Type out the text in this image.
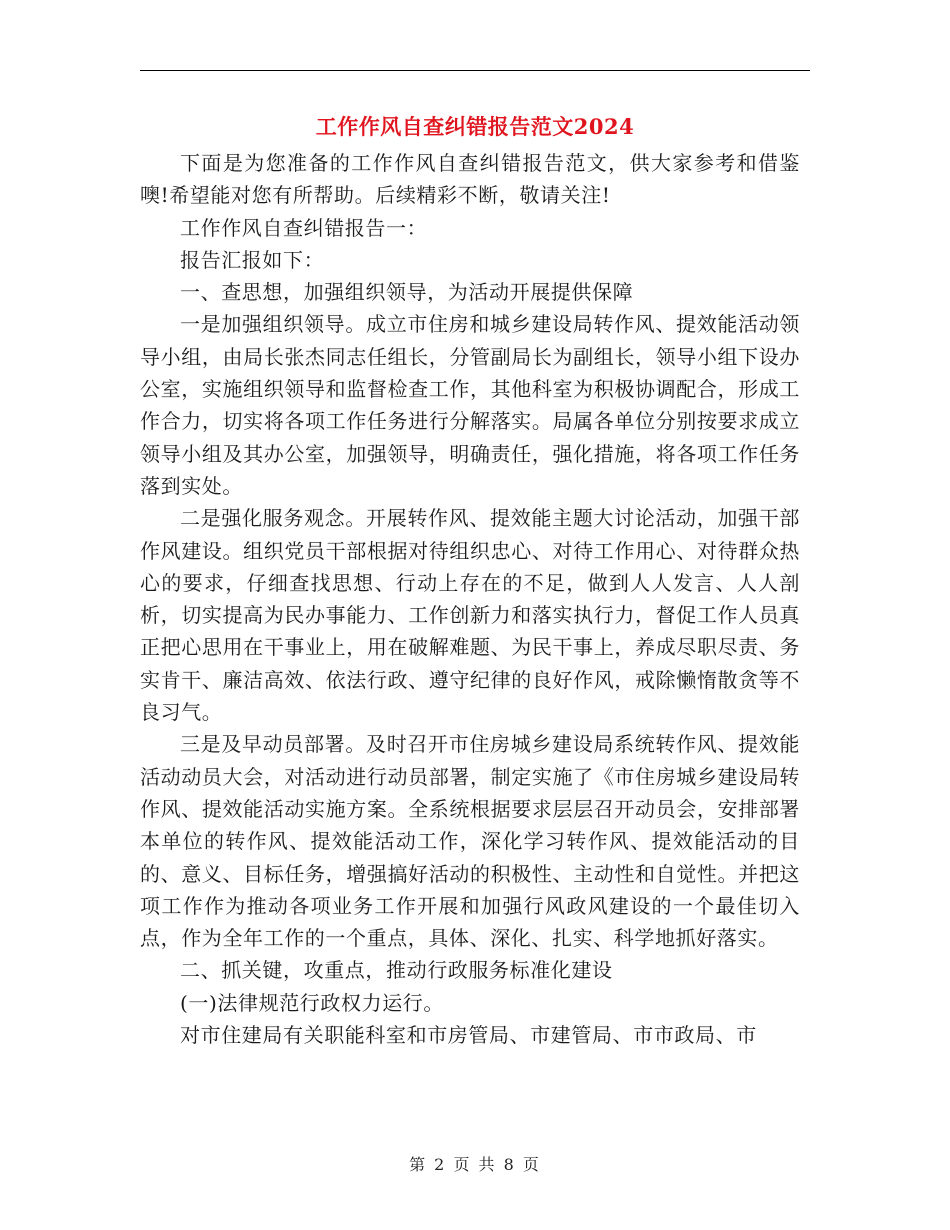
工作作风自查纠错报告范文2024

下面是为您准备的工作作风自查纠错报告范文，供大家参考和借鉴噢!希望能对您有所帮助。后续精彩不断，敬请关注!

工作作风自查纠错报告一：

报告汇报如下：

一、查思想，加强组织领导，为活动开展提供保障

一是加强组织领导。成立市住房和城乡建设局转作风、提效能活动领导小组，由局长张杰同志任组长，分管副局长为副组长，领导小组下设办公室，实施组织领导和监督检查工作，其他科室为积极协调配合，形成工作合力，切实将各项工作任务进行分解落实。局属各单位分别按要求成立领导小组及其办公室，加强领导，明确责任，强化措施，将各项工作任务落到实处。

二是强化服务观念。开展转作风、提效能主题大讨论活动，加强干部作风建设。组织党员干部根据对待组织忠心、对待工作用心、对待群众热心的要求，仔细查找思想、行动上存在的不足，做到人人发言、人人剖析，切实提高为民办事能力、工作创新力和落实执行力，督促工作人员真正把心思用在干事业上，用在破解难题、为民干事上，养成尽职尽责、务实肯干、廉洁高效、依法行政、遵守纪律的良好作风，戒除懒惰散贪等不良习气。

三是及早动员部署。及时召开市住房城乡建设局系统转作风、提效能活动动员大会，对活动进行动员部署，制定实施了《市住房城乡建设局转作风、提效能活动实施方案。全系统根据要求层层召开动员会，安排部署本单位的转作风、提效能活动工作，深化学习转作风、提效能活动的目的、意义、目标任务，增强搞好活动的积极性、主动性和自觉性。并把这项工作作为推动各项业务工作开展和加强行风政风建设的一个最佳切入点，作为全年工作的一个重点，具体、深化、扎实、科学地抓好落实。

二、抓关键，攻重点，推动行政服务标准化建设

(一)法律规范行政权力运行。

对市住建局有关职能科室和市房管局、市建管局、市市政局、市

第 2 页 共 8 页
